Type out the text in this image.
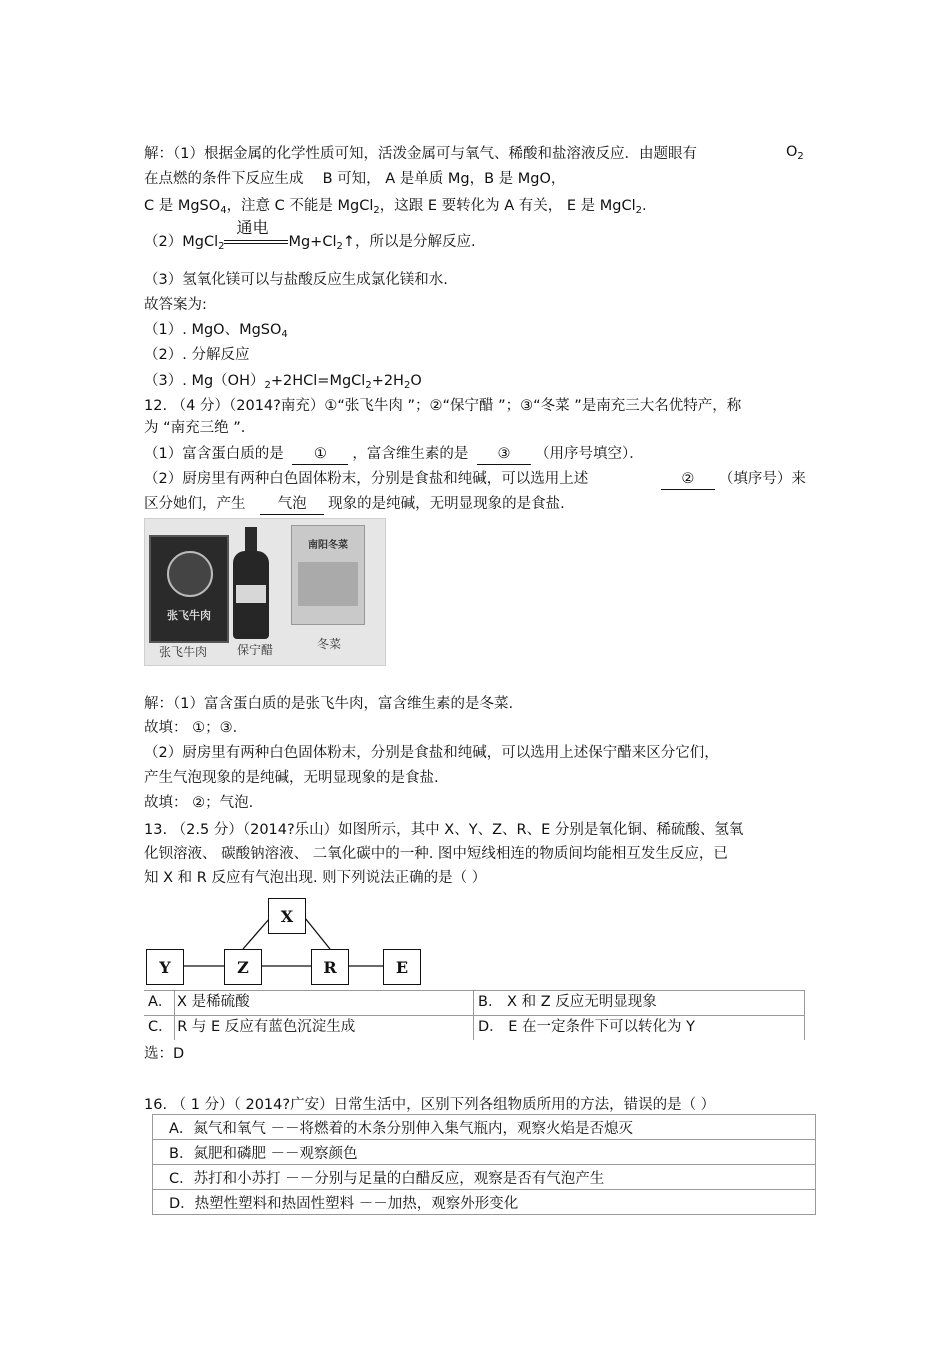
解：（1）根据金属的化学性质可知，活泼金属可与氧气、稀酸和盐溶液反应．由题眼有	$O_2$
在点燃的条件下反应生成　 B 可知， A 是单质 Mg，B 是 MgO，
C 是 MgSO$_4$，注意 C 不能是 MgCl$_2$，这跟 E 要转化为 A 有关， E 是 MgCl$_2$.
（2）MgCl$_2$
通电
$Mg+Cl_2↑$，所以是分解反应.
（3）氢氧化镁可以与盐酸反应生成氯化镁和水.
故答案为:
（1）. MgO、MgSO$_4$
（2）. 分解反应
（3）. $Mg(OH)_2+2HCl=MgCl_2+2H_2O$
12. （4 分）（2014?南充）①“张飞牛肉 ”；②“保宁醋 ”；③“冬菜 ”是南充三大名优特产，称
为 “南充三绝 ”.
（1）富含蛋白质的是 ① ，富含维生素的是 ③ （用序号填空）．
（2）厨房里有两种白色固体粉末，分别是食盐和纯碱，可以选用上述	② （填序号）来
区分她们，产生 气泡 现象的是纯碱，无明显现象的是食盐.
张飞牛肉
南阳冬菜
张飞牛肉 保宁醋	冬菜
解：（1）富含蛋白质的是张飞牛肉，富含维生素的是冬菜.
故填： ①；③．
（2）厨房里有两种白色固体粉末，分别是食盐和纯碱，可以选用上述保宁醋来区分它们，
产生气泡现象的是纯碱，无明显现象的是食盐.
故填： ②；气泡.
13. （2.5 分）（2014?乐山）如图所示，其中 X、Y、Z、R、E 分别是氧化铜、稀硫酸、氢氧
化钡溶液、 碳酸钠溶液、 二氧化碳中的一种. 图中短线相连的物质间均能相互发生反应，已
知 X 和 R 反应有气泡出现. 则下列说法正确的是（ ）
X
Y	Z	R	E
A． X 是稀硫酸	B． X 和 Z 反应无明显现象
C． R 与 E 反应有蓝色沉淀生成	D． E 在一定条件下可以转化为 Y
选：D
16. （ 1 分）（ 2014?广安）日常生活中，区别下列各组物质所用的方法，错误的是（ ）
A．氮气和氧气 －－将燃着的木条分别伸入集气瓶内，观察火焰是否熄灭
B．氮肥和磷肥 －－观察颜色
C．苏打和小苏打 －－分别与足量的白醋反应，观察是否有气泡产生
D．热塑性塑料和热固性塑料 －－加热，观察外形变化
